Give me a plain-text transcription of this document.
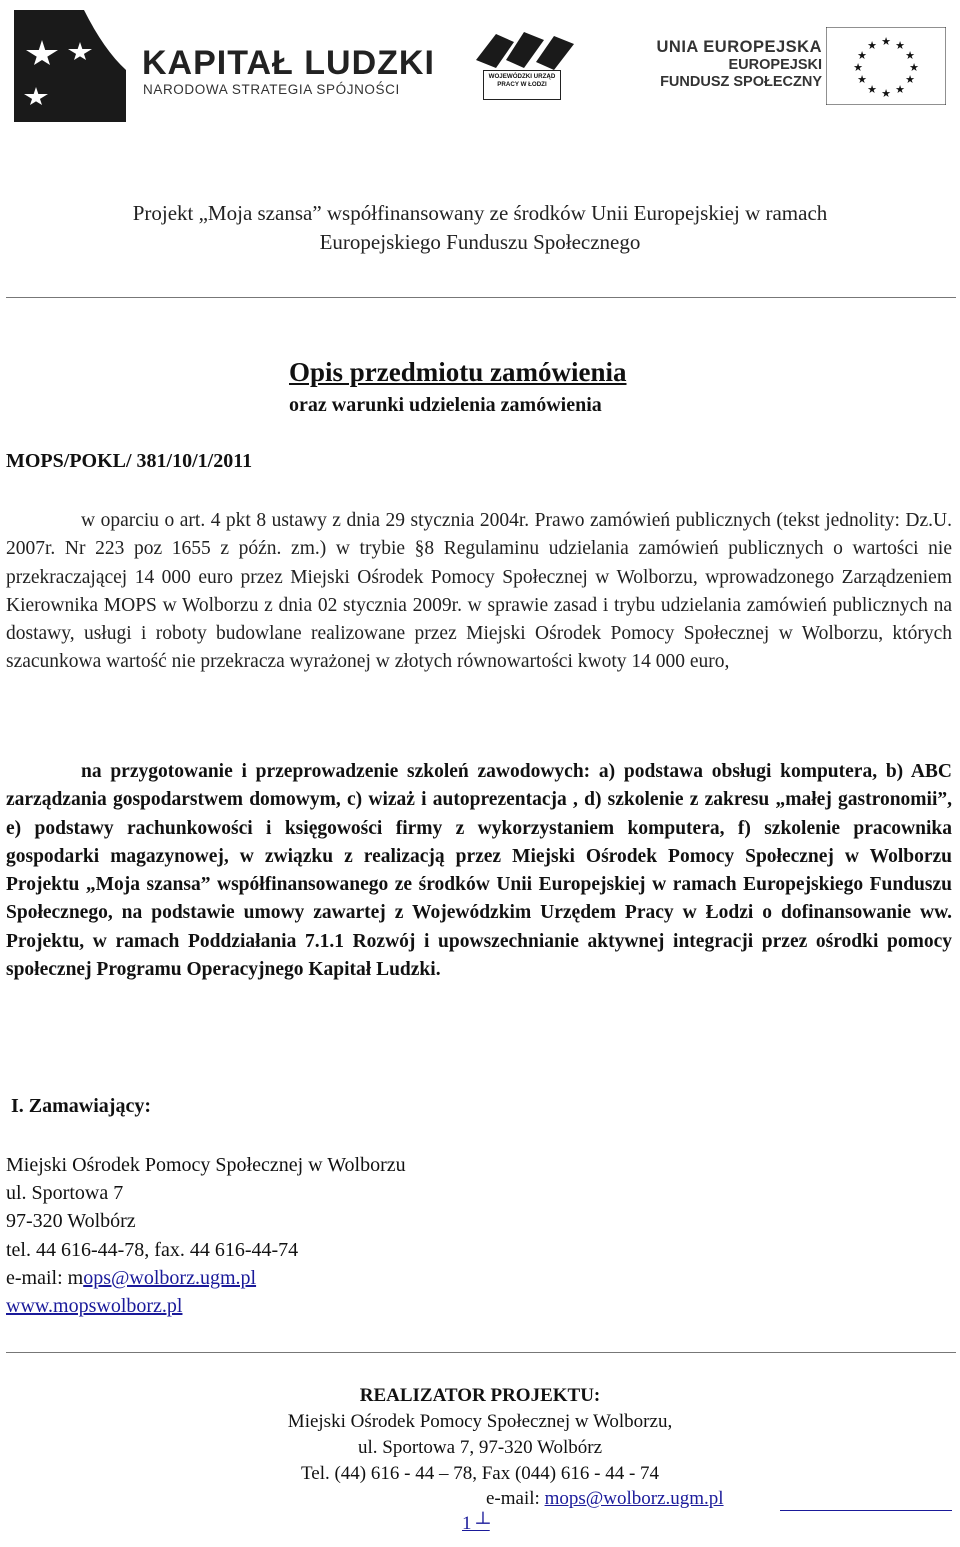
KAPITAŁ LUDZKI
NARODOWA STRATEGIA SPÓJNOŚCI
WOJEWÓDZKI URZĄD PRACY W ŁODZI
UNIA EUROPEJSKA
EUROPEJSKI
FUNDUSZ SPOŁECZNY
★ ★
★
★
★
★
★
★
★
★
★
★
Projekt „Moja szansa” współfinansowany ze środków Unii Europejskiej w ramach
Europejskiego Funduszu Społecznego
Opis przedmiotu zamówienia
oraz warunki udzielenia zamówienia
MOPS/POKL/ 381/10/1/2011
w oparciu o art. 4 pkt 8 ustawy z dnia 29 stycznia 2004r. Prawo zamówień publicznych (tekst jednolity: Dz.U. 2007r. Nr 223 poz 1655 z późn. zm.) w trybie §8 Regulaminu udzielania zamówień publicznych o wartości nie przekraczającej 14 000 euro przez Miejski Ośrodek Pomocy Społecznej w Wolborzu, wprowadzonego Zarządzeniem Kierownika MOPS w Wolborzu z dnia 02 stycznia 2009r. w sprawie zasad i trybu udzielania zamówień publicznych na dostawy, usługi i roboty budowlane realizowane przez Miejski Ośrodek Pomocy Społecznej w Wolborzu, których szacunkowa wartość nie przekracza wyrażonej w złotych równowartości kwoty 14 000 euro,
na przygotowanie i przeprowadzenie szkoleń zawodowych: a) podstawa obsługi komputera, b) ABC zarządzania gospodarstwem domowym, c) wizaż i autoprezentacja , d) szkolenie z zakresu „małej gastronomii”, e) podstawy rachunkowości i księgowości firmy z wykorzystaniem komputera, f) szkolenie pracownika gospodarki magazynowej, w związku z realizacją przez Miejski Ośrodek Pomocy Społecznej w Wolborzu Projektu „Moja szansa” współfinansowanego ze środków Unii Europejskiej w ramach Europejskiego Funduszu Społecznego, na podstawie umowy zawartej z Wojewódzkim Urzędem Pracy w Łodzi o dofinansowanie ww. Projektu, w ramach Poddziałania 7.1.1 Rozwój i upowszechnianie aktywnej integracji przez ośrodki pomocy społecznej Programu Operacyjnego Kapitał Ludzki.
I. Zamawiający:
Miejski Ośrodek Pomocy Społecznej w Wolborzu
ul. Sportowa 7
97-320 Wolbórz
tel. 44 616-44-78, fax. 44 616-44-74
e-mail: mops@wolborz.ugm.pl
www.mopswolborz.pl
REALIZATOR PROJEKTU:
Miejski Ośrodek Pomocy Społecznej w Wolborzu,
ul. Sportowa 7, 97-320 Wolbórz
Tel. (44) 616 - 44 – 78, Fax (044) 616 - 44 - 74
e-mail: mops@wolborz.ugm.pl
1 ┴
